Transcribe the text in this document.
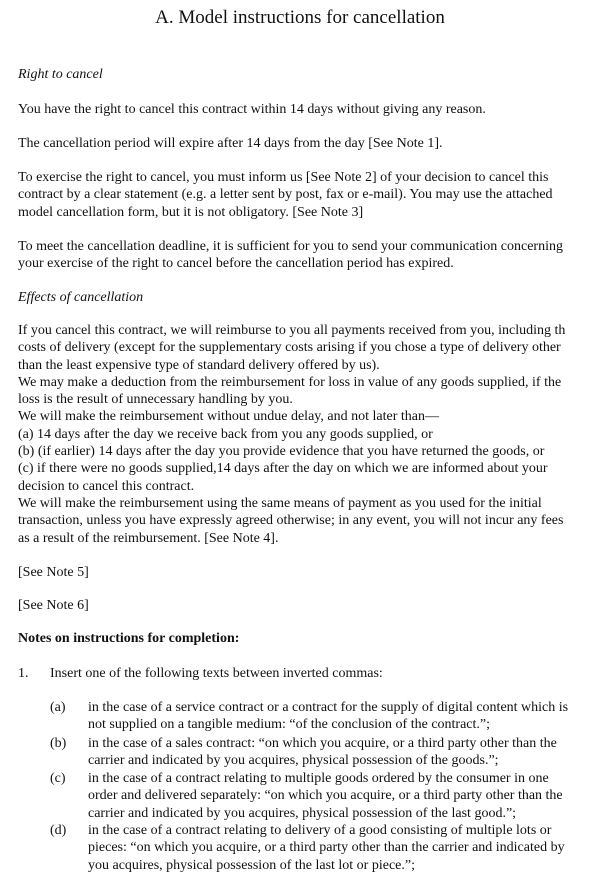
A. Model instructions for cancellation
Right to cancel
You have the right to cancel this contract within 14 days without giving any reason.
The cancellation period will expire after 14 days from the day [See Note 1].
To exercise the right to cancel, you must inform us [See Note 2] of your decision to cancel this
contract by a clear statement (e.g. a letter sent by post, fax or e-mail). You may use the attached
model cancellation form, but it is not obligatory. [See Note 3]
To meet the cancellation deadline, it is sufficient for you to send your communication concerning
your exercise of the right to cancel before the cancellation period has expired.
Effects of cancellation
If you cancel this contract, we will reimburse to you all payments received from you, including th
costs of delivery (except for the supplementary costs arising if you chose a type of delivery other
than the least expensive type of standard delivery offered by us).
We may make a deduction from the reimbursement for loss in value of any goods supplied, if the
loss is the result of unnecessary handling by you.
We will make the reimbursement without undue delay, and not later than—
(a) 14 days after the day we receive back from you any goods supplied, or
(b) (if earlier) 14 days after the day you provide evidence that you have returned the goods, or
(c) if there were no goods supplied,14 days after the day on which we are informed about your
decision to cancel this contract.
We will make the reimbursement using the same means of payment as you used for the initial
transaction, unless you have expressly agreed otherwise; in any event, you will not incur any fees
as a result of the reimbursement. [See Note 4].
[See Note 5]
[See Note 6]
Notes on instructions for completion:
1. Insert one of the following texts between inverted commas:
(a) in the case of a service contract or a contract for the supply of digital content which is
not supplied on a tangible medium: “of the conclusion of the contract.”;
(b) in the case of a sales contract: “on which you acquire, or a third party other than the
carrier and indicated by you acquires, physical possession of the goods.”;
(c) in the case of a contract relating to multiple goods ordered by the consumer in one
order and delivered separately: “on which you acquire, or a third party other than the
carrier and indicated by you acquires, physical possession of the last good.”;
(d) in the case of a contract relating to delivery of a good consisting of multiple lots or
pieces: “on which you acquire, or a third party other than the carrier and indicated by
you acquires, physical possession of the last lot or piece.”;
